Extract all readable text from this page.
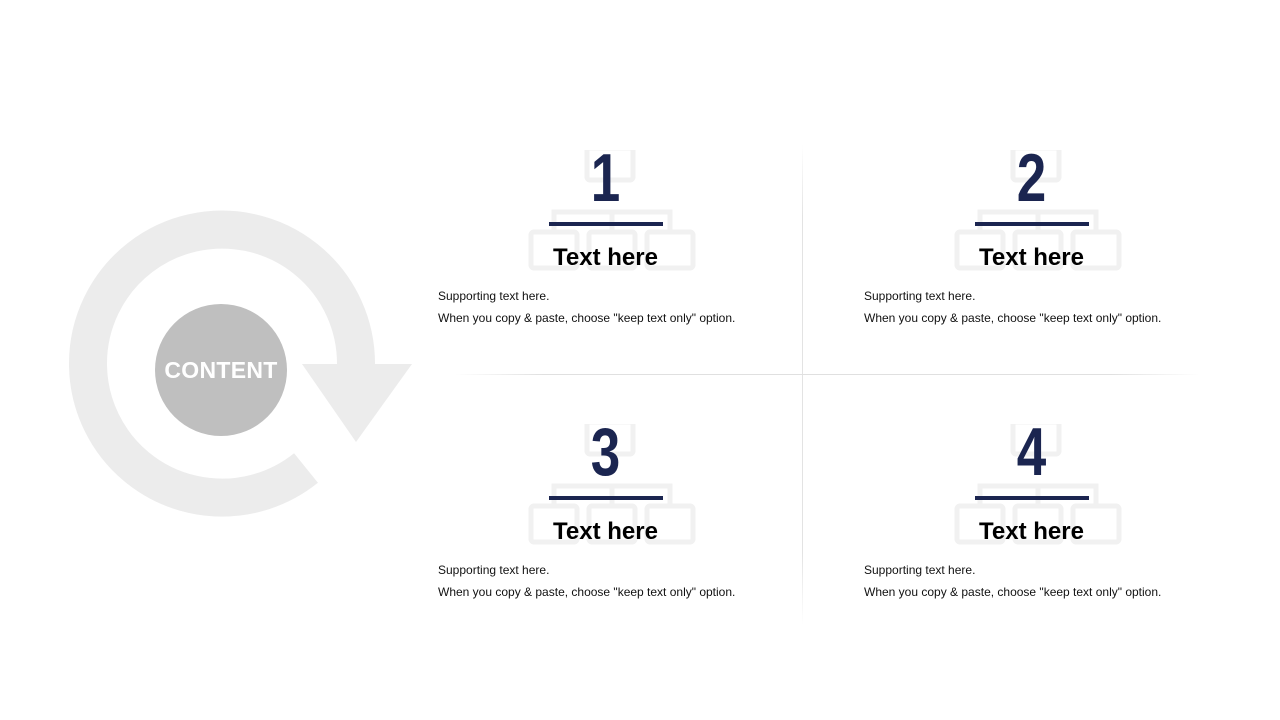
CONTENT
1
Text here
Supporting text here.
When you copy & paste, choose "keep text only" option.
2
Text here
Supporting text here.
When you copy & paste, choose "keep text only" option.
3
Text here
Supporting text here.
When you copy & paste, choose "keep text only" option.
4
Text here
Supporting text here.
When you copy & paste, choose "keep text only" option.
